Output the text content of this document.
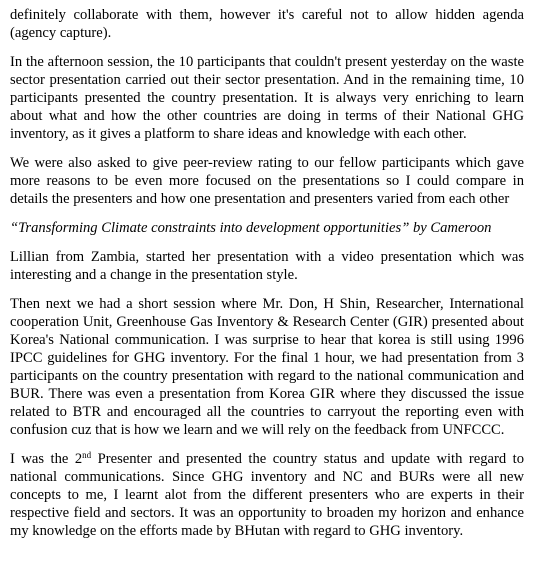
definitely collaborate with them, however it's careful not to allow hidden agenda (agency capture).

In the afternoon session, the 10 participants that couldn't present yesterday on the waste sector presentation carried out their sector presentation. And in the remaining time, 10 participants presented the country presentation. It is always very enriching to learn about what and how the other countries are doing in terms of their National GHG inventory, as it gives a platform to share ideas and knowledge with each other.

We were also asked to give peer-review rating to our fellow participants which gave more reasons to be even more focused on the presentations so I could compare in details the presenters and how one presentation and presenters varied from each other

“Transforming Climate constraints into development opportunities” by Cameroon

Lillian from Zambia, started her presentation with a video presentation which was interesting and a change in the presentation style.

Then next we had a short session where Mr. Don, H Shin, Researcher, International cooperation Unit, Greenhouse Gas Inventory & Research Center (GIR) presented about Korea's National communication. I was surprise to hear that korea is still using 1996 IPCC guidelines for GHG inventory. For the final 1 hour, we had presentation from 3 participants on the country presentation with regard to the national communication and BUR. There was even a presentation from Korea GIR where they discussed the issue related to BTR and encouraged all the countries to carryout the reporting even with confusion cuz that is how we learn and we will rely on the feedback from UNFCCC.

I was the 2nd Presenter and presented the country status and update with regard to national communications. Since GHG inventory and NC and BURs were all new concepts to me, I learnt alot from the different presenters who are experts in their respective field and sectors. It was an opportunity to broaden my horizon and enhance my knowledge on the efforts made by BHutan with regard to GHG inventory.
